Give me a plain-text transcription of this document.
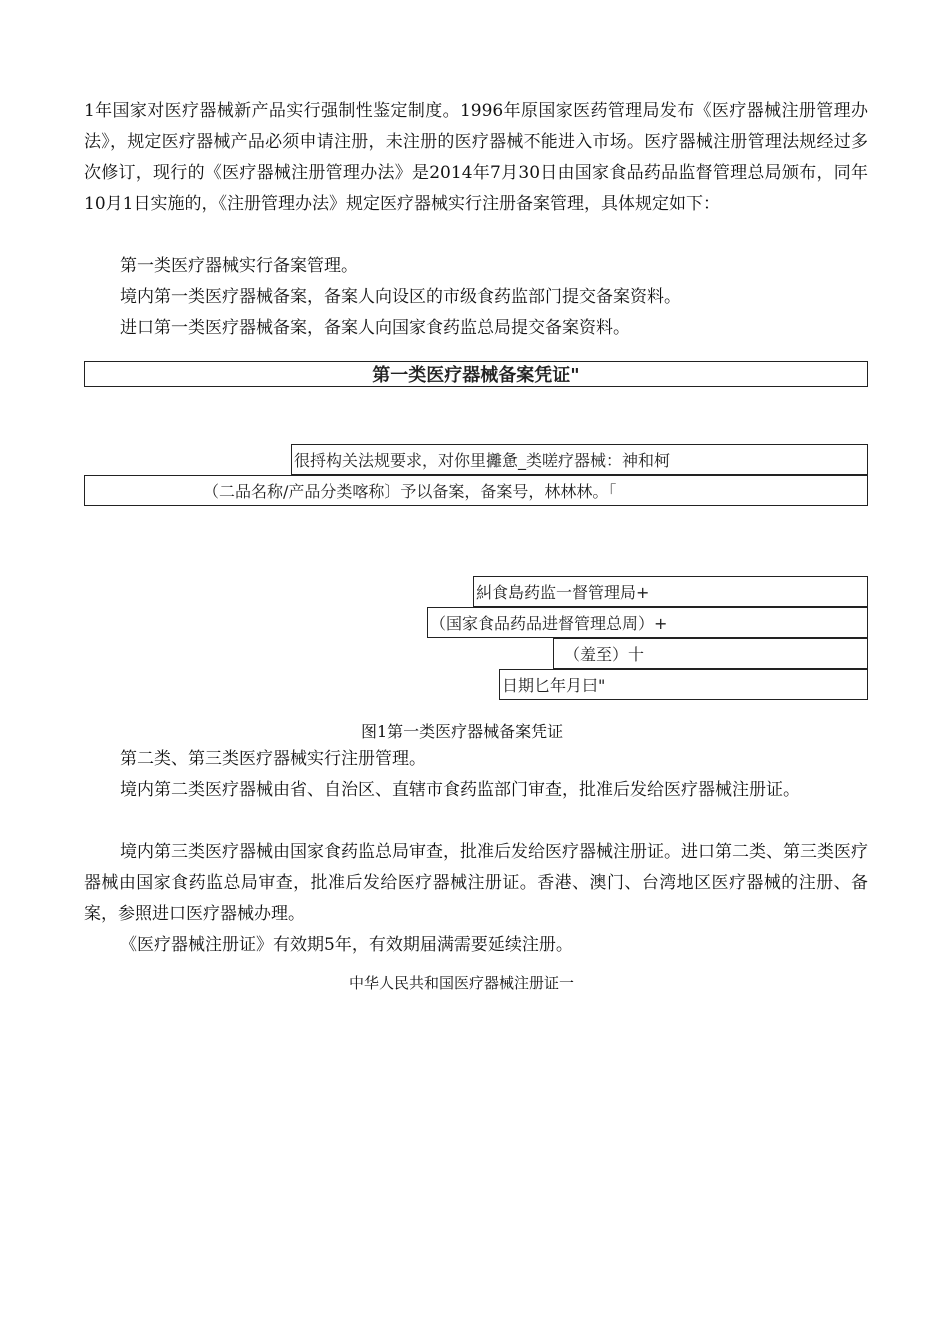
1年国家对医疗器械新产品实行强制性鉴定制度。1996年原国家医药管理局发布《医疗器械注册管理办法》，规定医疗器械产品必须申请注册，未注册的医疗器械不能进入市场。医疗器械注册管理法规经过多次修订，现行的《医疗器械注册管理办法》是2014年7月30日由国家食品药品监督管理总局颁布，同年10月1日实施的，《注册管理办法》规定医疗器械实行注册备案管理，具体规定如下：

第一类医疗器械实行备案管理。
境内第一类医疗器械备案，备案人向设区的市级食药监部门提交备案资料。
进口第一类医疗器械备案，备案人向国家食药监总局提交备案资料。
第一类医疗器械备案凭证"
很捋构关法规要求，对你里攡惫_类嗟疗器械：神和柯
（二品名称/产品分类喀称〕予以备案，备案号，林林林。「
糾食島药监一督管理局+
（国家食品药品进督管理总周）+
（羞至）十
日期匕年月曰"
图1第一类医疗器械备案凭证
第二类、第三类医疗器械实行注册管理。

境内第二类医疗器械由省、自治区、直辖市食药监部门审查，批准后发给医疗器械注册证。

境内第三类医疗器械由国家食药监总局审查，批准后发给医疗器械注册证。进口第二类、第三类医疗器械由国家食药监总局审查，批准后发给医疗器械注册证。香港、澳门、台湾地区医疗器械的注册、备案，参照进口医疗器械办理。

《医疗器械注册证》有效期5年，有效期届满需要延续注册。
中华人民共和国医疗器械注册证一
